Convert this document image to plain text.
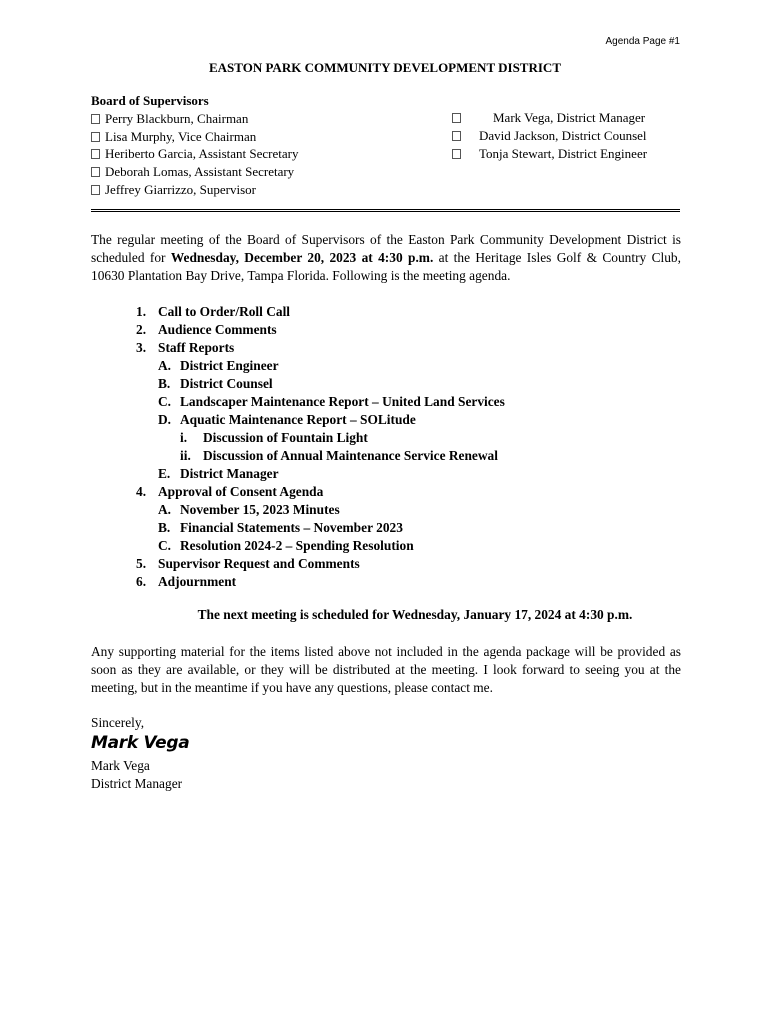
Agenda Page #1
EASTON PARK COMMUNITY DEVELOPMENT DISTRICT
Board of Supervisors
Perry Blackburn, Chairman
Lisa Murphy, Vice Chairman
Heriberto Garcia, Assistant Secretary
Deborah Lomas, Assistant Secretary
Jeffrey Giarrizzo, Supervisor
Mark Vega, District Manager
David Jackson, District Counsel
Tonja Stewart, District Engineer
The regular meeting of the Board of Supervisors of the Easton Park Community Development District is scheduled for Wednesday, December 20, 2023 at 4:30 p.m. at the Heritage Isles Golf & Country Club, 10630 Plantation Bay Drive, Tampa Florida. Following is the meeting agenda.
1. Call to Order/Roll Call
2. Audience Comments
3. Staff Reports
A. District Engineer
B. District Counsel
C. Landscaper Maintenance Report – United Land Services
D. Aquatic Maintenance Report – SOLitude
i. Discussion of Fountain Light
ii. Discussion of Annual Maintenance Service Renewal
E. District Manager
4. Approval of Consent Agenda
A. November 15, 2023 Minutes
B. Financial Statements – November 2023
C. Resolution 2024-2 – Spending Resolution
5. Supervisor Request and Comments
6. Adjournment
The next meeting is scheduled for Wednesday, January 17, 2024 at 4:30 p.m.
Any supporting material for the items listed above not included in the agenda package will be provided as soon as they are available, or they will be distributed at the meeting. I look forward to seeing you at the meeting, but in the meantime if you have any questions, please contact me.
Sincerely,
Mark Vega
Mark Vega
District Manager
